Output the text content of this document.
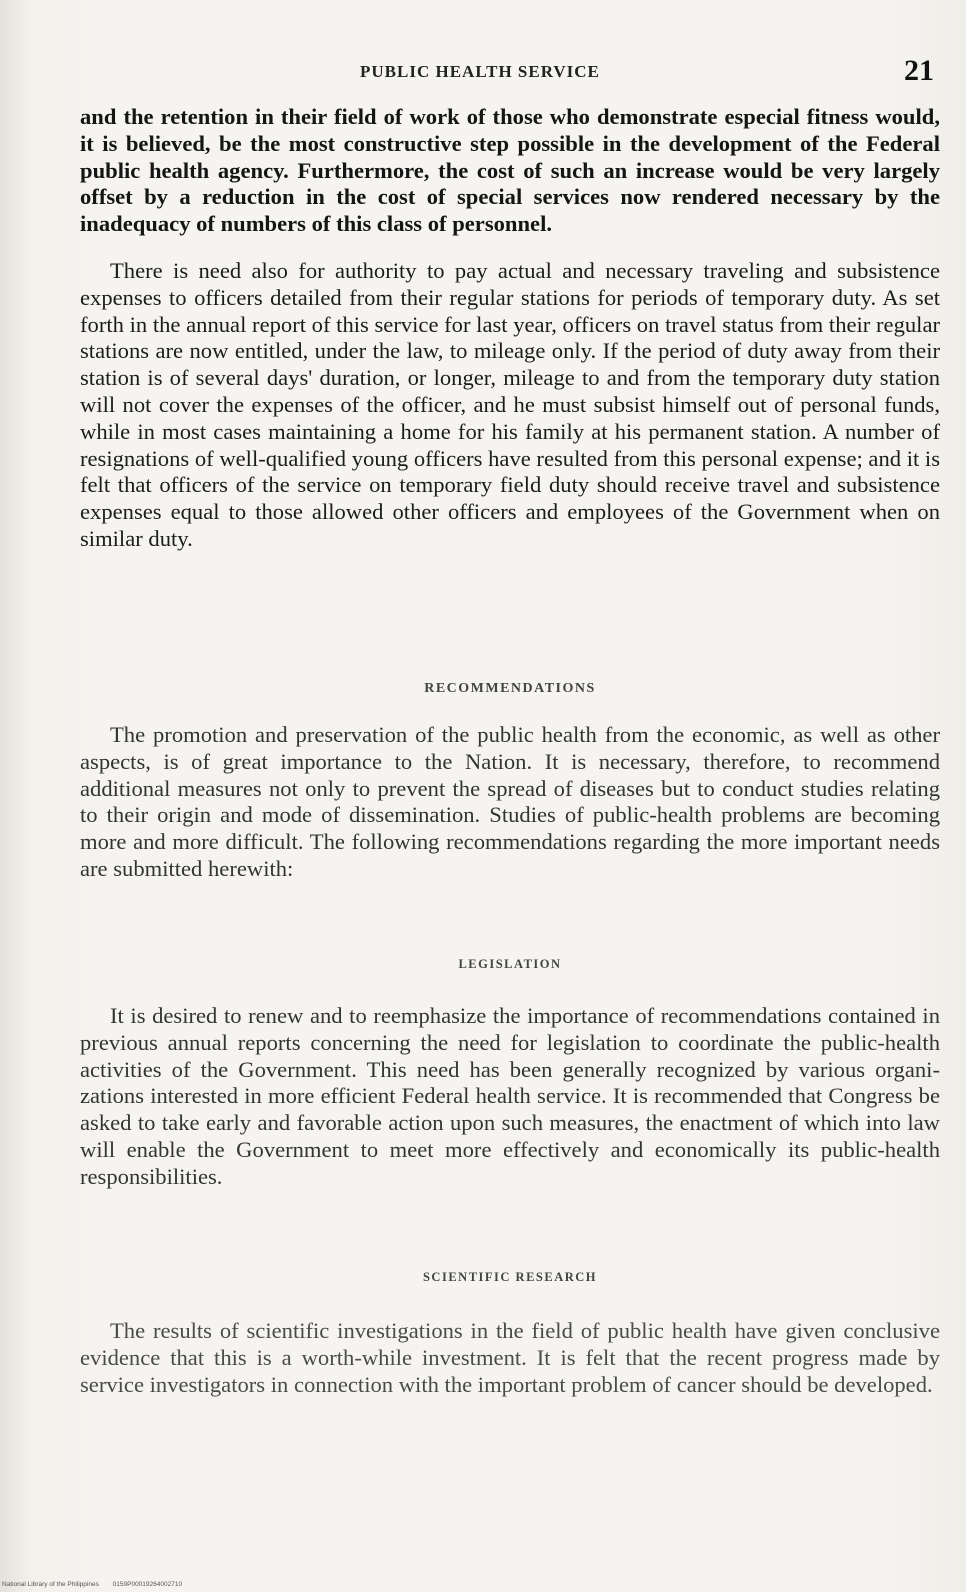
PUBLIC HEALTH SERVICE	21

and the retention in their field of work of those who demonstrate especial fitness would, it is believed, be the most constructive step possible in the development of the Federal public health agency. Furthermore, the cost of such an increase would be very largely offset by a reduction in the cost of special services now rendered necessary by the inadequacy of numbers of this class of personnel.

There is need also for authority to pay actual and necessary traveling and subsistence expenses to officers detailed from their regular stations for periods of temporary duty. As set forth in the annual report of this service for last year, officers on travel status from their regular stations are now entitled, under the law, to mileage only. If the period of duty away from their station is of several days' duration, or longer, mileage to and from the temporary duty station will not cover the expenses of the officer, and he must subsist himself out of personal funds, while in most cases maintaining a home for his family at his permanent station. A number of resignations of well-qualified young officers have resulted from this personal expense; and it is felt that officers of the service on temporary field duty should receive travel and subsistence expenses equal to those allowed other officers and employees of the Government when on similar duty.

RECOMMENDATIONS

The promotion and preservation of the public health from the economic, as well as other aspects, is of great importance to the Nation. It is necessary, therefore, to recommend additional measures not only to prevent the spread of diseases but to conduct studies relating to their origin and mode of dissemination. Studies of public-health problems are becoming more and more difficult. The following recommendations regarding the more important needs are submitted herewith:

LEGISLATION

It is desired to renew and to reemphasize the importance of recommendations contained in previous annual reports concerning the need for legislation to coordinate the public-health activities of the Government. This need has been generally recognized by various organizations interested in more efficient Federal health service. It is recommended that Congress be asked to take early and favorable action upon such measures, the enactment of which into law will enable the Government to meet more effectively and economically its public-health responsibilities.

SCIENTIFIC RESEARCH

The results of scientific investigations in the field of public health have given conclusive evidence that this is a worth-while investment. It is felt that the recent progress made by service investigators in connection with the important problem of cancer should be developed.

National Library of the Philippines 0159P00019264002710
